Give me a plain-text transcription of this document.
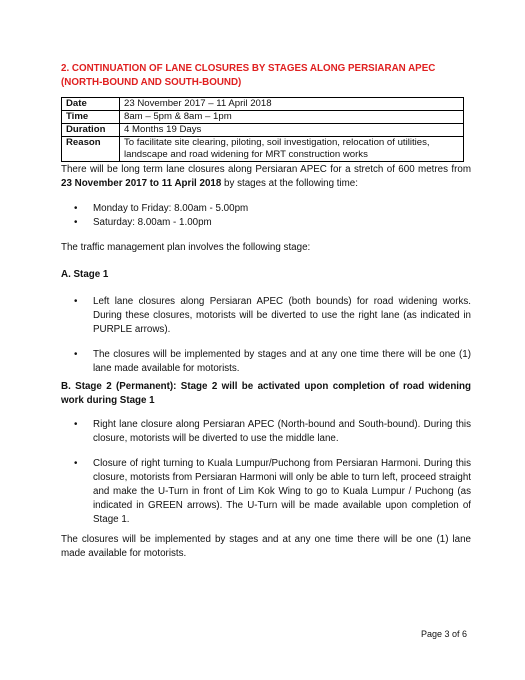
2. CONTINUATION OF LANE CLOSURES BY STAGES ALONG PERSIARAN APEC (NORTH-BOUND AND SOUTH-BOUND)
Date	23 November 2017 – 11 April 2018
Time	8am – 5pm & 8am – 1pm
Duration	4 Months 19 Days
Reason	To facilitate site clearing, piloting, soil investigation, relocation of utilities, landscape and road widening for MRT construction works
There will be long term lane closures along Persiaran APEC for a stretch of 600 metres from 23 November 2017 to 11 April 2018 by stages at the following time:
• Monday to Friday: 8.00am - 5.00pm
• Saturday: 8.00am - 1.00pm
The traffic management plan involves the following stage:
A. Stage 1
• Left lane closures along Persiaran APEC (both bounds) for road widening works. During these closures, motorists will be diverted to use the right lane (as indicated in PURPLE arrows).
• The closures will be implemented by stages and at any one time there will be one (1) lane made available for motorists.
B. Stage 2 (Permanent): Stage 2 will be activated upon completion of road widening work during Stage 1
• Right lane closure along Persiaran APEC (North-bound and South-bound). During this closure, motorists will be diverted to use the middle lane.
• Closure of right turning to Kuala Lumpur/Puchong from Persiaran Harmoni. During this closure, motorists from Persiaran Harmoni will only be able to turn left, proceed straight and make the U-Turn in front of Lim Kok Wing to go to Kuala Lumpur / Puchong (as indicated in GREEN arrows). The U-Turn will be made available upon completion of Stage 1.
The closures will be implemented by stages and at any one time there will be one (1) lane made available for motorists.
Page 3 of 6
